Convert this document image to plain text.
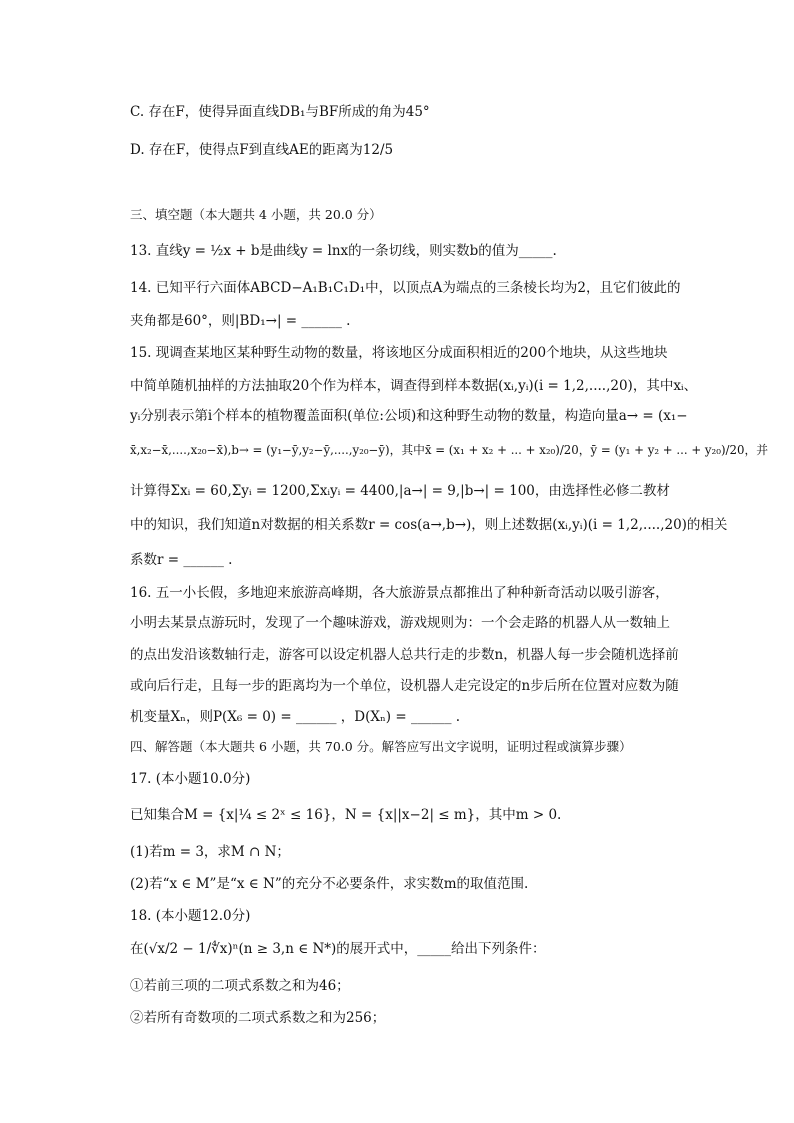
C. 存在F，使得异面直线DB₁与BF所成的角为45°
D. 存在F，使得点F到直线AE的距离为12/5
三、填空题（本大题共 4 小题，共 20.0 分）
13. 直线y = ½x + b是曲线y = lnx的一条切线，则实数b的值为_____.
14. 已知平行六面体ABCD−A₁B₁C₁D₁中，以顶点A为端点的三条棱长均为2，且它们彼此的
夹角都是60°，则|BD₁→| = ______ .
15. 现调查某地区某种野生动物的数量，将该地区分成面积相近的200个地块，从这些地块
中简单随机抽样的方法抽取20个作为样本，调查得到样本数据(xᵢ,yᵢ)(i = 1,2,....,20)，其中xᵢ、
yᵢ分别表示第i个样本的植物覆盖面积(单位:公顷)和这种野生动物的数量，构造向量a→ = (x₁−
x̄,x₂−x̄,....,x₂₀−x̄),b→ = (y₁−ȳ,y₂−ȳ,....,y₂₀−ȳ)，其中x̄ = (x₁ + x₂ + ... + x₂₀)/20，ȳ = (y₁ + y₂ + ... + y₂₀)/20，并
计算得Σxᵢ = 60,Σyᵢ = 1200,Σxᵢyᵢ = 4400,|a→| = 9,|b→| = 100，由选择性必修二教材
中的知识，我们知道n对数据的相关系数r = cos(a→,b→)，则上述数据(xᵢ,yᵢ)(i = 1,2,....,20)的相关
系数r = ______ .
16. 五一小长假，多地迎来旅游高峰期，各大旅游景点都推出了种种新奇活动以吸引游客，
小明去某景点游玩时，发现了一个趣味游戏，游戏规则为：一个会走路的机器人从一数轴上
的点出发沿该数轴行走，游客可以设定机器人总共行走的步数n，机器人每一步会随机选择前
或向后行走，且每一步的距离均为一个单位，设机器人走完设定的n步后所在位置对应数为随
机变量Xₙ，则P(X₆ = 0) = ______ ，D(Xₙ) = ______ .
四、解答题（本大题共 6 小题，共 70.0 分。解答应写出文字说明，证明过程或演算步骤）
17. (本小题10.0分)
已知集合M = {x|¼ ≤ 2ˣ ≤ 16}，N = {x||x−2| ≤ m}，其中m > 0.
(1)若m = 3，求M ∩ N；
(2)若“x ∈ M”是“x ∈ N”的充分不必要条件，求实数m的取值范围.
18. (本小题12.0分)
在(√x/2 − 1/∜x)ⁿ(n ≥ 3,n ∈ N*)的展开式中，_____给出下列条件：
①若前三项的二项式系数之和为46；
②若所有奇数项的二项式系数之和为256；
